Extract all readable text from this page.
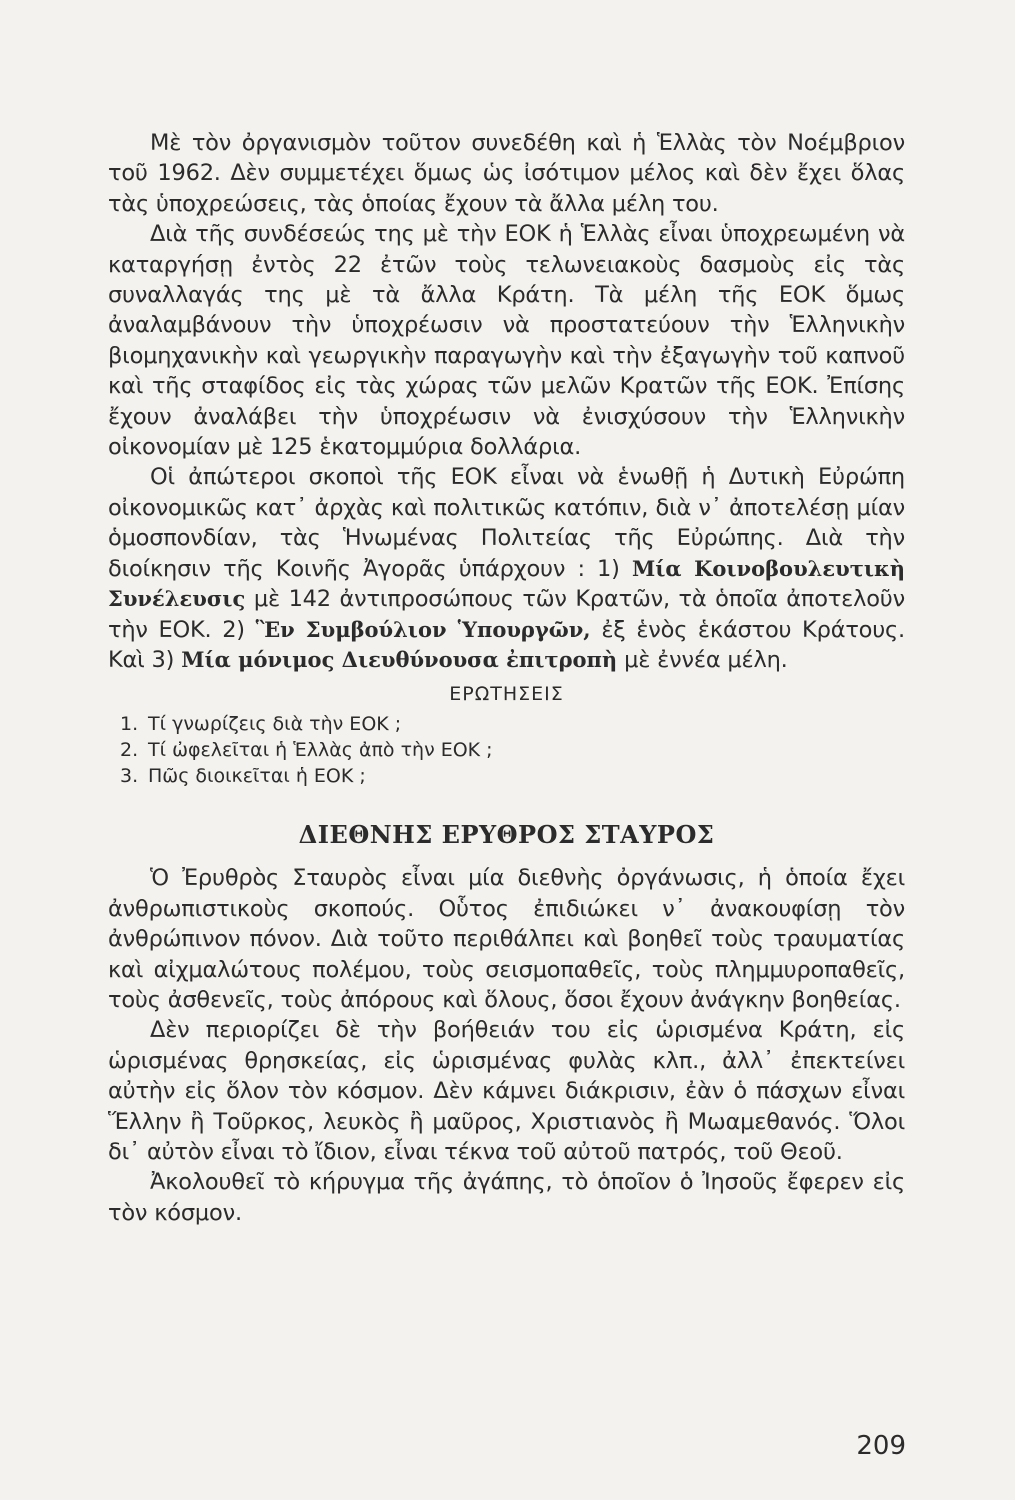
Μὲ τὸν ὀργανισμὸν τοῦτον συνεδέθη καὶ ἡ Ἑλλὰς τὸν Νοέμβριον τοῦ 1962. Δὲν συμμετέχει ὅμως ὡς ἰσότιμον μέλος καὶ δὲν ἔχει ὅλας τὰς ὑποχρεώσεις, τὰς ὁποίας ἔχουν τὰ ἄλλα μέλη του.

Διὰ τῆς συνδέσεώς της μὲ τὴν ΕΟΚ ἡ Ἑλλὰς εἶναι ὑποχρεωμένη νὰ καταργήσῃ ἐντὸς 22 ἐτῶν τοὺς τελωνειακοὺς δασμοὺς εἰς τὰς συναλλαγάς της μὲ τὰ ἄλλα Κράτη. Τὰ μέλη τῆς ΕΟΚ ὅμως ἀναλαμβάνουν τὴν ὑποχρέωσιν νὰ προστατεύουν τὴν Ἑλληνικὴν βιομηχανικὴν καὶ γεωργικὴν παραγωγὴν καὶ τὴν ἐξαγωγὴν τοῦ καπνοῦ καὶ τῆς σταφίδος εἰς τὰς χώρας τῶν μελῶν Κρατῶν τῆς ΕΟΚ. Ἐπίσης ἔχουν ἀναλάβει τὴν ὑποχρέωσιν νὰ ἐνισχύσουν τὴν Ἑλληνικὴν οἰκονομίαν μὲ 125 ἑκατομμύρια δολλάρια.

Οἱ ἀπώτεροι σκοποὶ τῆς ΕΟΚ εἶναι νὰ ἑνωθῇ ἡ Δυτικὴ Εὐρώπη οἰκονομικῶς κατ᾽ ἀρχὰς καὶ πολιτικῶς κατόπιν, διὰ ν᾽ ἀποτελέσῃ μίαν ὁμοσπονδίαν, τὰς Ἡνωμένας Πολιτείας τῆς Εὐρώπης. Διὰ τὴν διοίκησιν τῆς Κοινῆς Ἀγορᾶς ὑπάρχουν : 1) Μία Κοινοβουλευτικὴ Συνέλευσις μὲ 142 ἀντιπροσώπους τῶν Κρατῶν, τὰ ὁποῖα ἀποτελοῦν τὴν ΕΟΚ. 2) Ἓν Συμβούλιον Ὑπουργῶν, ἐξ ἑνὸς ἑκάστου Κράτους. Καὶ 3) Μία μόνιμος Διευθύνουσα ἐπιτροπὴ μὲ ἐννέα μέλη.

ΕΡΩΤΗΣΕΙΣ
1. Τί γνωρίζεις διὰ τὴν ΕΟΚ ;
2. Τί ὠφελεῖται ἡ Ἑλλὰς ἀπὸ τὴν ΕΟΚ ;
3. Πῶς διοικεῖται ἡ ΕΟΚ ;
ΔΙΕΘΝΗΣ ΕΡΥΘΡΟΣ ΣΤΑΥΡΟΣ

Ὁ Ἐρυθρὸς Σταυρὸς εἶναι μία διεθνὴς ὀργάνωσις, ἡ ὁποία ἔχει ἀνθρωπιστικοὺς σκοπούς. Οὗτος ἐπιδιώκει ν᾽ ἀνακουφίσῃ τὸν ἀνθρώπινον πόνον. Διὰ τοῦτο περιθάλπει καὶ βοηθεῖ τοὺς τραυματίας καὶ αἰχμαλώτους πολέμου, τοὺς σεισμοπαθεῖς, τοὺς πλημμυροπαθεῖς, τοὺς ἀσθενεῖς, τοὺς ἀπόρους καὶ ὅλους, ὅσοι ἔχουν ἀνάγκην βοηθείας.

Δὲν περιορίζει δὲ τὴν βοήθειάν του εἰς ὡρισμένα Κράτη, εἰς ὡρισμένας θρησκείας, εἰς ὡρισμένας φυλὰς κλπ., ἀλλ᾽ ἐπεκτείνει αὐτὴν εἰς ὅλον τὸν κόσμον. Δὲν κάμνει διάκρισιν, ἐὰν ὁ πάσχων εἶναι Ἕλλην ἢ Τοῦρκος, λευκὸς ἢ μαῦρος, Χριστιανὸς ἢ Μωαμεθανός. Ὅλοι δι᾽ αὐτὸν εἶναι τὸ ἴδιον, εἶναι τέκνα τοῦ αὐτοῦ πατρός, τοῦ Θεοῦ.

Ἀκολουθεῖ τὸ κήρυγμα τῆς ἀγάπης, τὸ ὁποῖον ὁ Ἰησοῦς ἔφερεν εἰς τὸν κόσμον.

209
